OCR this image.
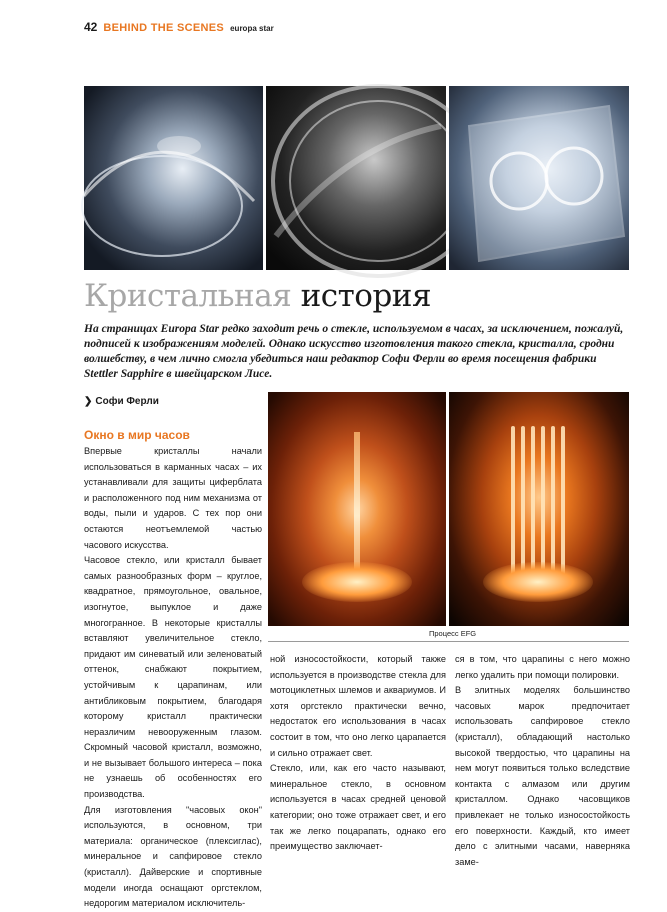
42 BEHIND THE SCENES europa star
Кристальная история
На страницах Europa Star редко заходит речь о стекле, используемом в часах, за исключением, пожалуй, подписей к изображениям моделей. Однако искусство изготовления такого стекла, кристалла, сродни волшебству, в чем лично смогла убедиться наш редактор Софи Ферли во время посещения фабрики Stettler Sapphire в швейцарском Лисе.
❯ Софи Ферли
Окно в мир часов

Впервые кристаллы начали использоваться в карманных часах – их устанавливали для защиты циферблата и расположенного под ним механизма от воды, пыли и ударов. С тех пор они остаются неотъемлемой частью часового искусства.

Часовое стекло, или кристалл бывает самых разнообразных форм – круглое, квадратное, прямоугольное, овальное, изогнутое, выпуклое и даже многогранное. В некоторые кристаллы вставляют увеличительное стекло, придают им синеватый или зеленоватый оттенок, снабжают покрытием, устойчивым к царапинам, или антибликовым покрытием, благодаря которому кристалл практически неразличим невооруженным глазом. Скромный часовой кристалл, возможно, и не вызывает большого интереса – пока не узнаешь об особенностях его производства.

Для изготовления "часовых окон" используются, в основном, три материала: органическое (плексиглас), минеральное и сапфировое стекло (кристалл). Дайверские и спортивные модели иногда оснащают оргстеклом, недорогим материалом исключитель-

Процесс EFG

ной износостойкости, который также используется в производстве стекла для мотоциклетных шлемов и аквариумов. И хотя оргстекло практически вечно, недостаток его использования в часах состоит в том, что оно легко царапается и сильно отражает свет.

Стекло, или, как его часто называют, минеральное стекло, в основном используется в часах средней ценовой категории; оно тоже отражает свет, и его так же легко поцарапать, однако его преимущество заключает-

ся в том, что царапины с него можно легко удалить при помощи полировки.

В элитных моделях большинство часовых марок предпочитает использовать сапфировое стекло (кристалл), обладающий настолько высокой твердостью, что царапины на нем могут появиться только вследствие контакта с алмазом или другим кристаллом. Однако часовщиков привлекает не только износостойкость его поверхности. Каждый, кто имеет дело с элитными часами, наверняка заме-
